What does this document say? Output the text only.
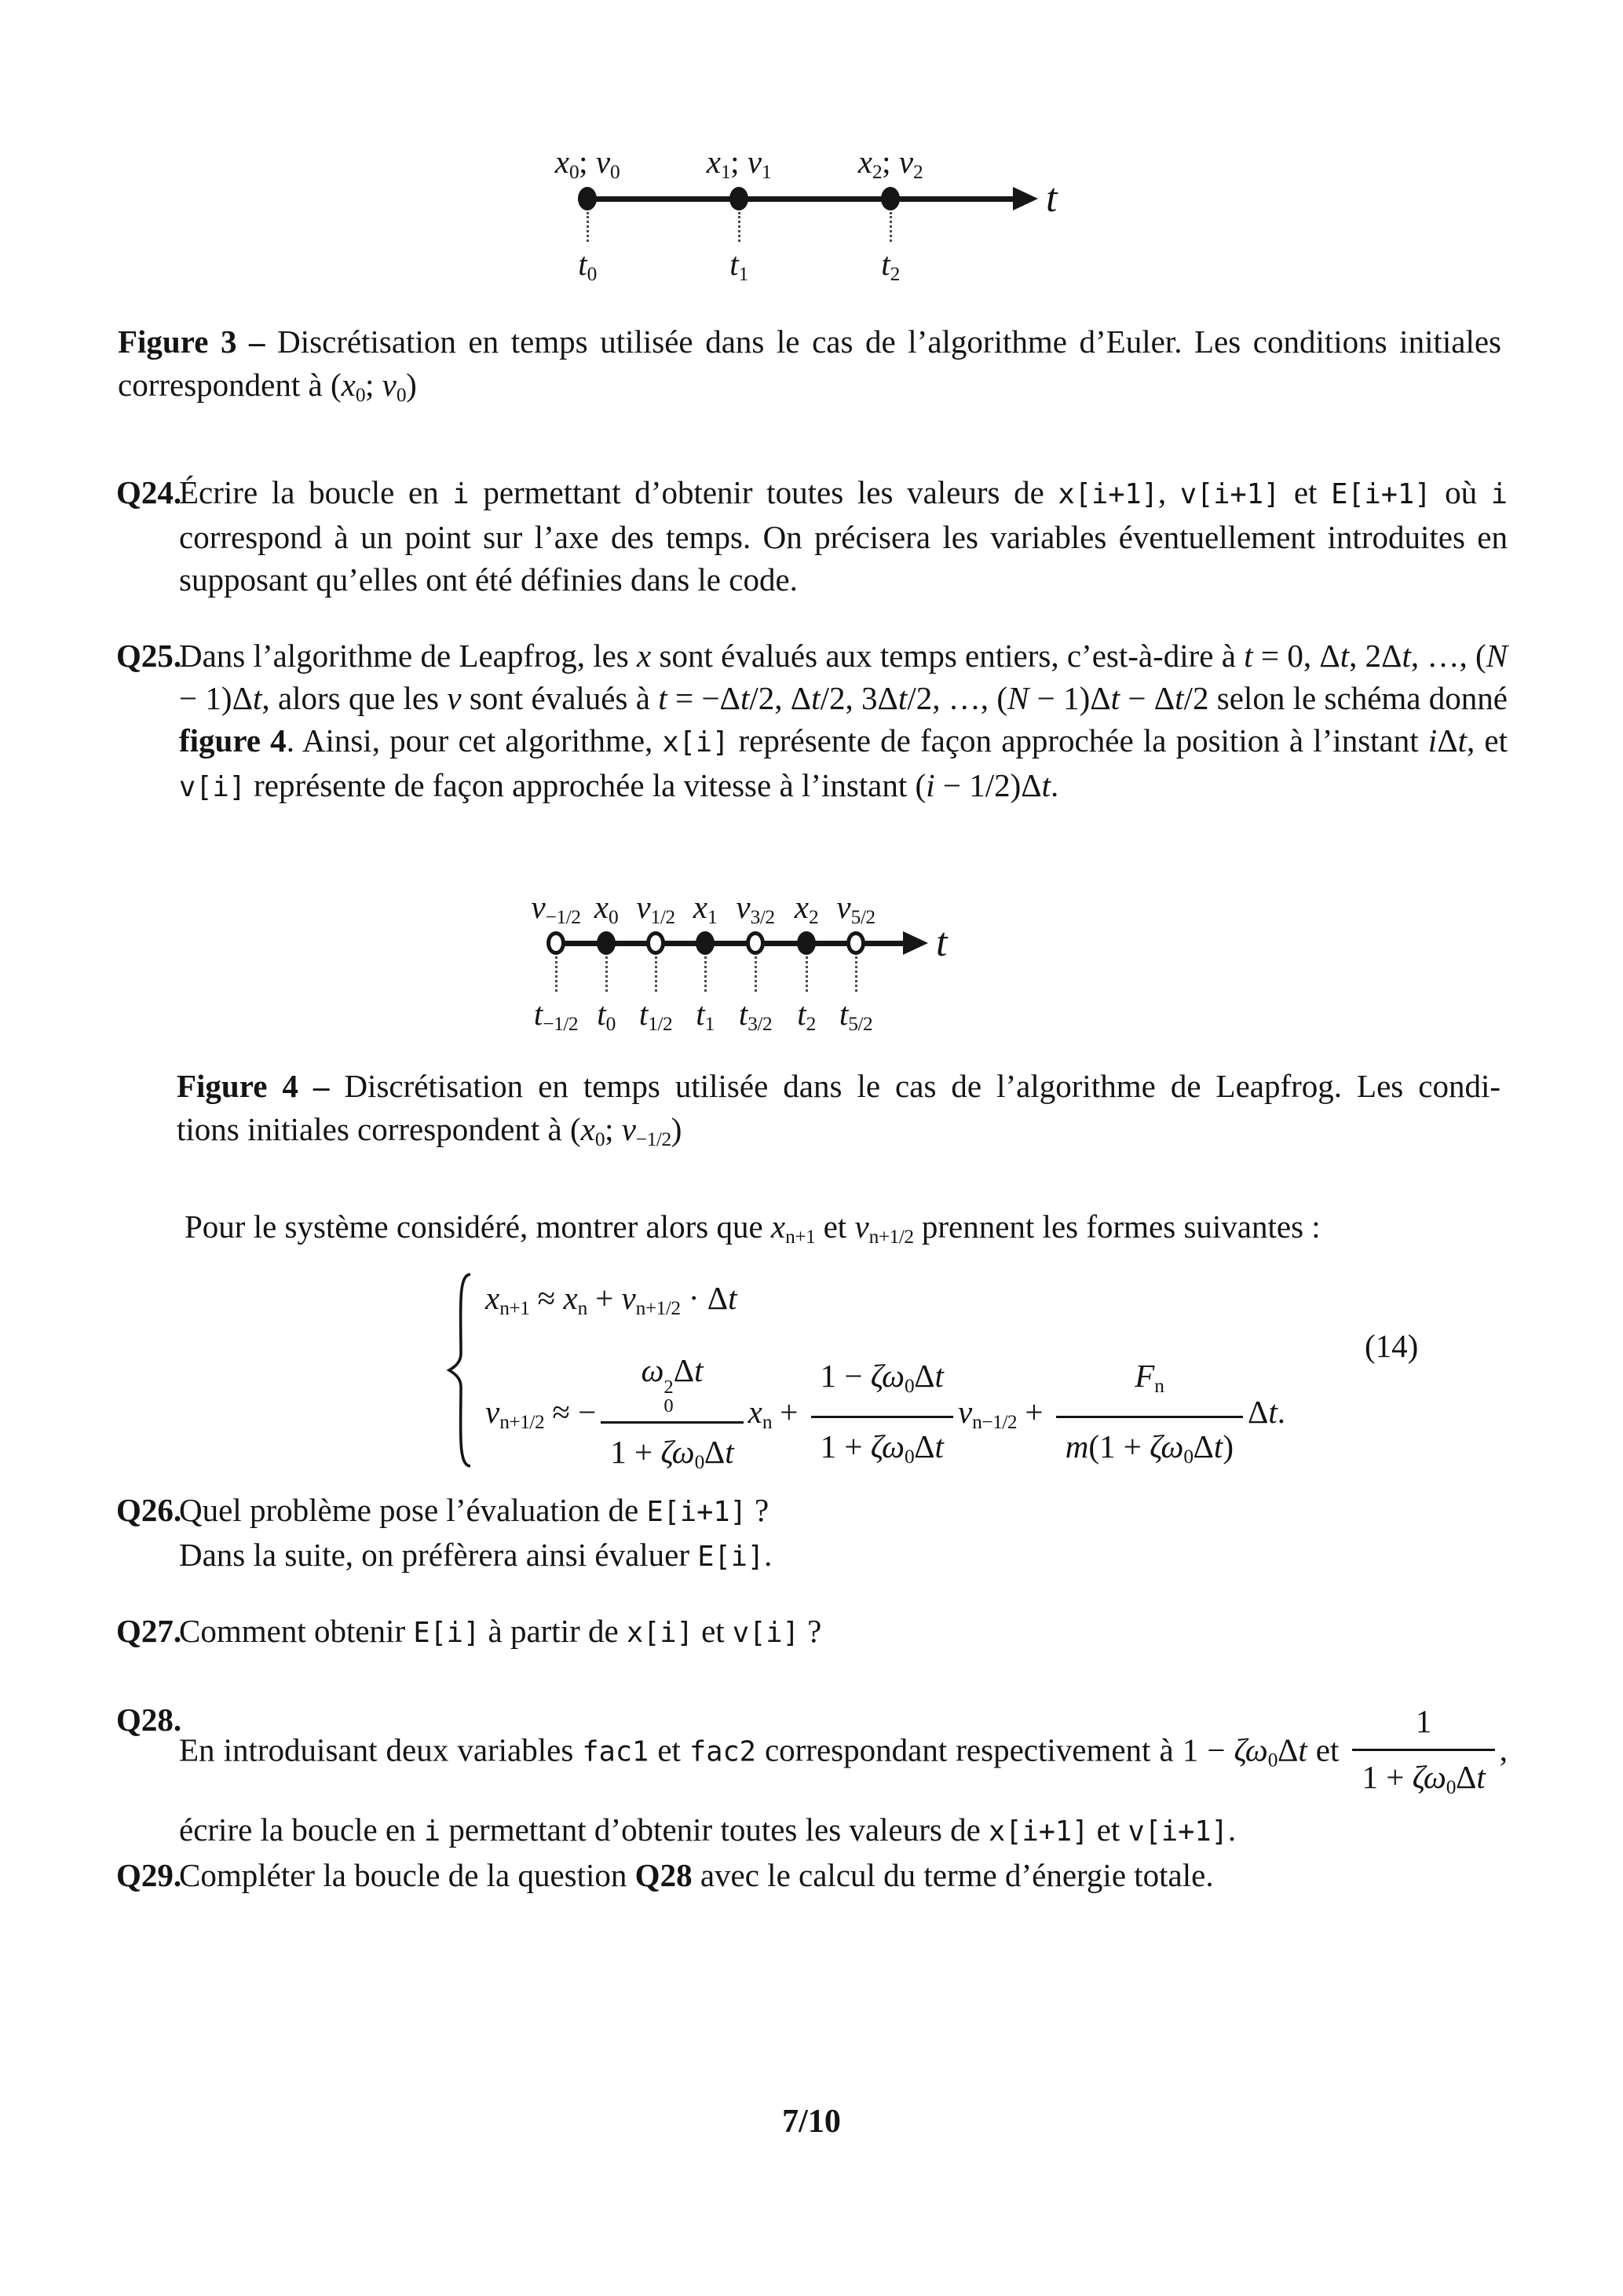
t
x0; v0
t0
x1; v1
t1
x2; v2
t2
Figure 3 – Discrétisation en temps utilisée dans le cas de l’algorithme d’Euler. Les conditions initiales
correspondent à (x0; v0)
Q24.
Écrire la boucle en i permettant d’obtenir toutes les valeurs de x[i+1], v[i+1] et E[i+1] où i correspond à un point sur l’axe des temps. On précisera les variables éventuellement introduites en supposant qu’elles ont été définies dans le code.
Q25.
Dans l’algorithme de Leapfrog, les x sont évalués aux temps entiers, c’est-à-dire à t = 0, Δt, 2Δt, …, (N − 1)Δt, alors que les v sont évalués à t = −Δt/2, Δt/2, 3Δt/2, …, (N − 1)Δt − Δt/2 selon le schéma donné figure 4. Ainsi, pour cet algorithme, x[i] représente de façon approchée la position à l’instant iΔt, et v[i] représente de façon approchée la vitesse à l’instant (i − 1/2)Δt.
t
v−1/2
t−1/2
x0
t0
v1/2
t1/2
x1
t1
v3/2
t3/2
x2
t2
v5/2
t5/2
Figure 4 – Discrétisation en temps utilisée dans le cas de l’algorithme de Leapfrog. Les condi-
tions initiales correspondent à (x0; v−1/2)
Pour le système considéré, montrer alors que xn+1 et vn+1/2 prennent les formes suivantes :
xn+1 ≈ xn + vn+1/2 · Δt
vn+1/2 ≈ − ω 2
0
Δt
1 + ζω0Δt xn + $\frac{1 - \zeta\omega 0\Delta t}{1 + \zeta\omega 0\Delta t} vn-1/2 + \frac{Fn}{m(1 + \zeta\omega 0\Delta t)} \Delta t$.
(14)
Q26.
Quel problème pose l’évaluation de E[i+1] ?
Dans la suite, on préfèrera ainsi évaluer E[i].
Q27.
Comment obtenir E[i] à partir de x[i] et v[i] ?
Q28.
En introduisant deux variables fac1 et fac2 correspondant respectivement à 1 − ζω0Δt et $\frac{1}{1 + \zeta\omega 0\Delta t}$ , écrire la boucle en i permettant d’obtenir toutes les valeurs de x[i+1] et v[i+1].
Q29.
Compléter la boucle de la question Q28 avec le calcul du terme d’énergie totale.
7/10
